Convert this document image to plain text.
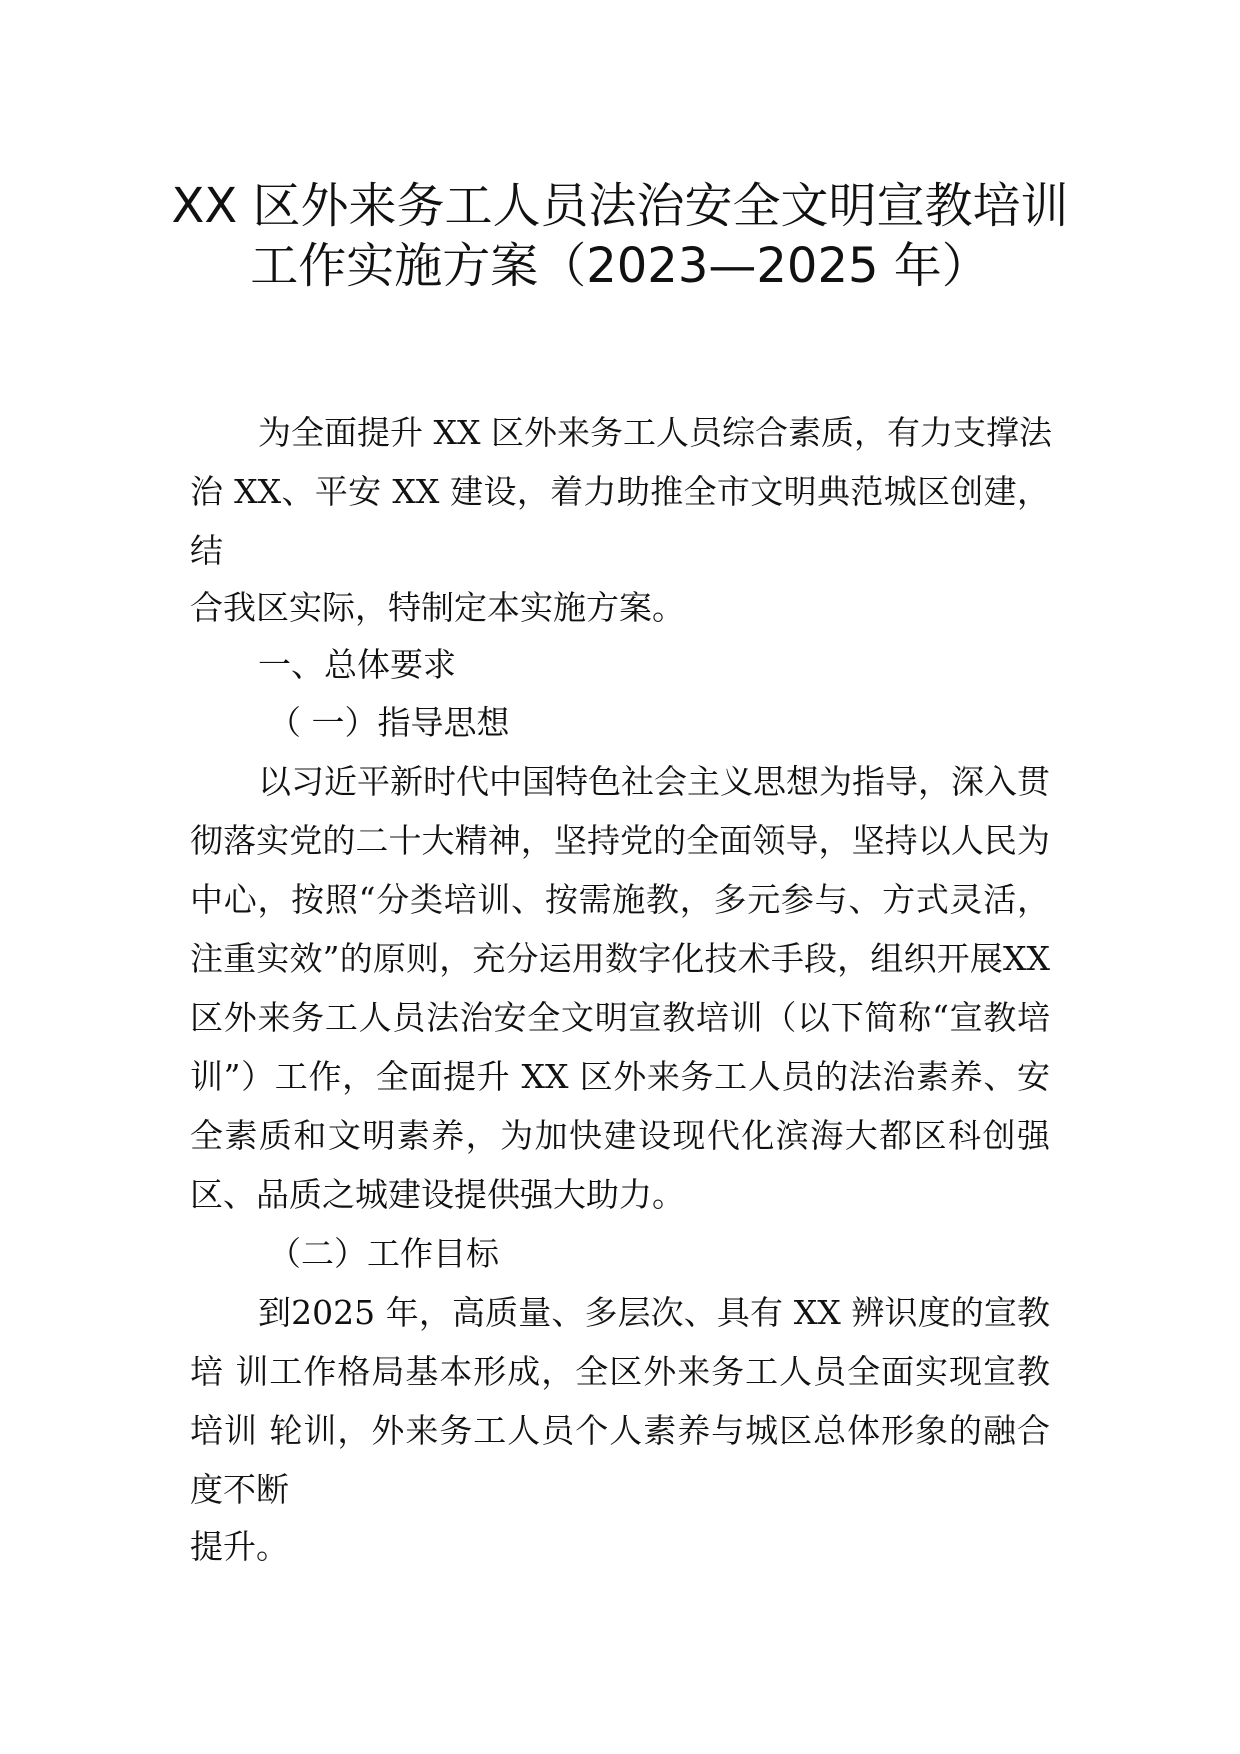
XX 区外来务工人员法治安全文明宣教培训
工作实施方案（2023—2025 年）
为全面提升 XX 区外来务工人员综合素质，有力支撑法
治 XX、平安 XX 建设，着力助推全市文明典范城区创建，
结
合我区实际，特制定本实施方案。
一、总体要求
（ 一）指导思想
以习近平新时代中国特色社会主义思想为指导，深入贯
彻落实党的二十大精神，坚持党的全面领导，坚持以人民为
中心，按照“分类培训、按需施教，多元参与、方式灵活，
注重实效”的原则，充分运用数字化技术手段，组织开展XX
区外来务工人员法治安全文明宣教培训（以下简称“宣教培
训”）工作，全面提升 XX 区外来务工人员的法治素养、安
全素质和文明素养，为加快建设现代化滨海大都区科创强
区、品质之城建设提供强大助力。
（二）工作目标
到2025 年，高质量、多层次、具有 XX 辨识度的宣教
培 训工作格局基本形成，全区外来务工人员全面实现宣教
培训 轮训，外来务工人员个人素养与城区总体形象的融合
度不断
提升。
